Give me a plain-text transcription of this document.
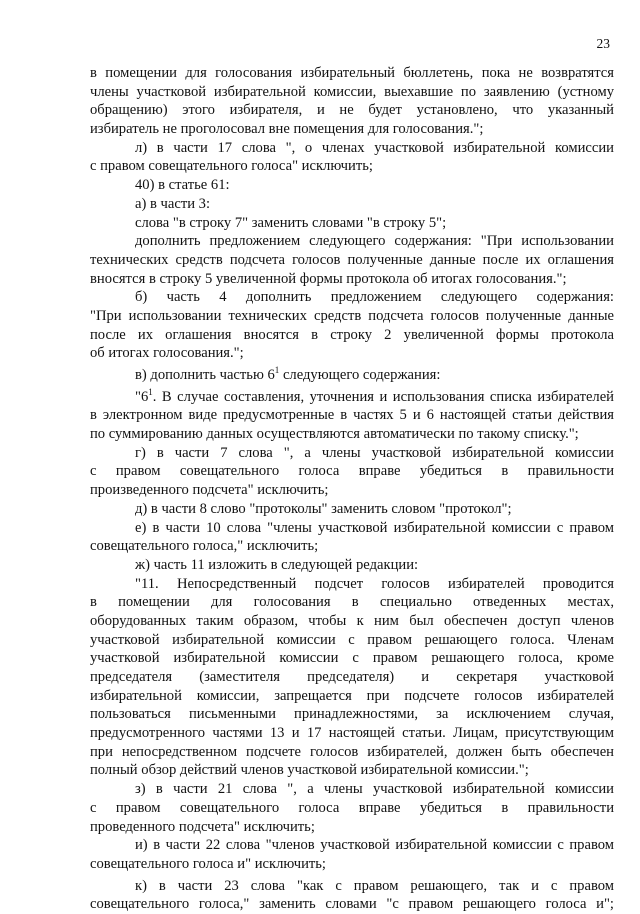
23
в помещении для голосования избирательный бюллетень, пока не возвратятся
члены участковой избирательной комиссии, выехавшие по заявлению (устному
обращению) этого избирателя, и не будет установлено, что указанный
избиратель не проголосовал вне помещения для голосования.";
л) в части 17 слова ", о членах участковой избирательной комиссии
с правом совещательного голоса" исключить;
40) в статье 61:
а) в части 3:
слова "в строку 7" заменить словами "в строку 5";
дополнить предложением следующего содержания: "При использовании
технических средств подсчета голосов полученные данные после их оглашения
вносятся в строку 5 увеличенной формы протокола об итогах голосования.";
б) часть 4 дополнить предложением следующего содержания:
"При использовании технических средств подсчета голосов полученные данные
после их оглашения вносятся в строку 2 увеличенной формы протокола
об итогах голосования.";
в) дополнить частью $6^1$ следующего содержания:
"$6^1$. В случае составления, уточнения и использования списка избирателей
в электронном виде предусмотренные в частях 5 и 6 настоящей статьи действия
по суммированию данных осуществляются автоматически по такому списку.";
г) в части 7 слова ", а члены участковой избирательной комиссии
с правом совещательного голоса вправе убедиться в правильности
произведенного подсчета" исключить;
д) в части 8 слово "протоколы" заменить словом "протокол";
е) в части 10 слова "члены участковой избирательной комиссии с правом
совещательного голоса," исключить;
ж) часть 11 изложить в следующей редакции:
"11. Непосредственный подсчет голосов избирателей проводится
в помещении для голосования в специально отведенных местах,
оборудованных таким образом, чтобы к ним был обеспечен доступ членов
участковой избирательной комиссии с правом решающего голоса. Членам
участковой избирательной комиссии с правом решающего голоса, кроме
председателя (заместителя председателя) и секретаря участковой
избирательной комиссии, запрещается при подсчете голосов избирателей
пользоваться письменными принадлежностями, за исключением случая,
предусмотренного частями 13 и 17 настоящей статьи. Лицам, присутствующим
при непосредственном подсчете голосов избирателей, должен быть обеспечен
полный обзор действий членов участковой избирательной комиссии.";
з) в части 21 слова ", а члены участковой избирательной комиссии
с правом совещательного голоса вправе убедиться в правильности
проведенного подсчета" исключить;
и) в части 22 слова "членов участковой избирательной комиссии с правом
совещательного голоса и" исключить;
к) в части 23 слова "как с правом решающего, так и с правом
совещательного голоса," заменить словами "с правом решающего голоса и";
